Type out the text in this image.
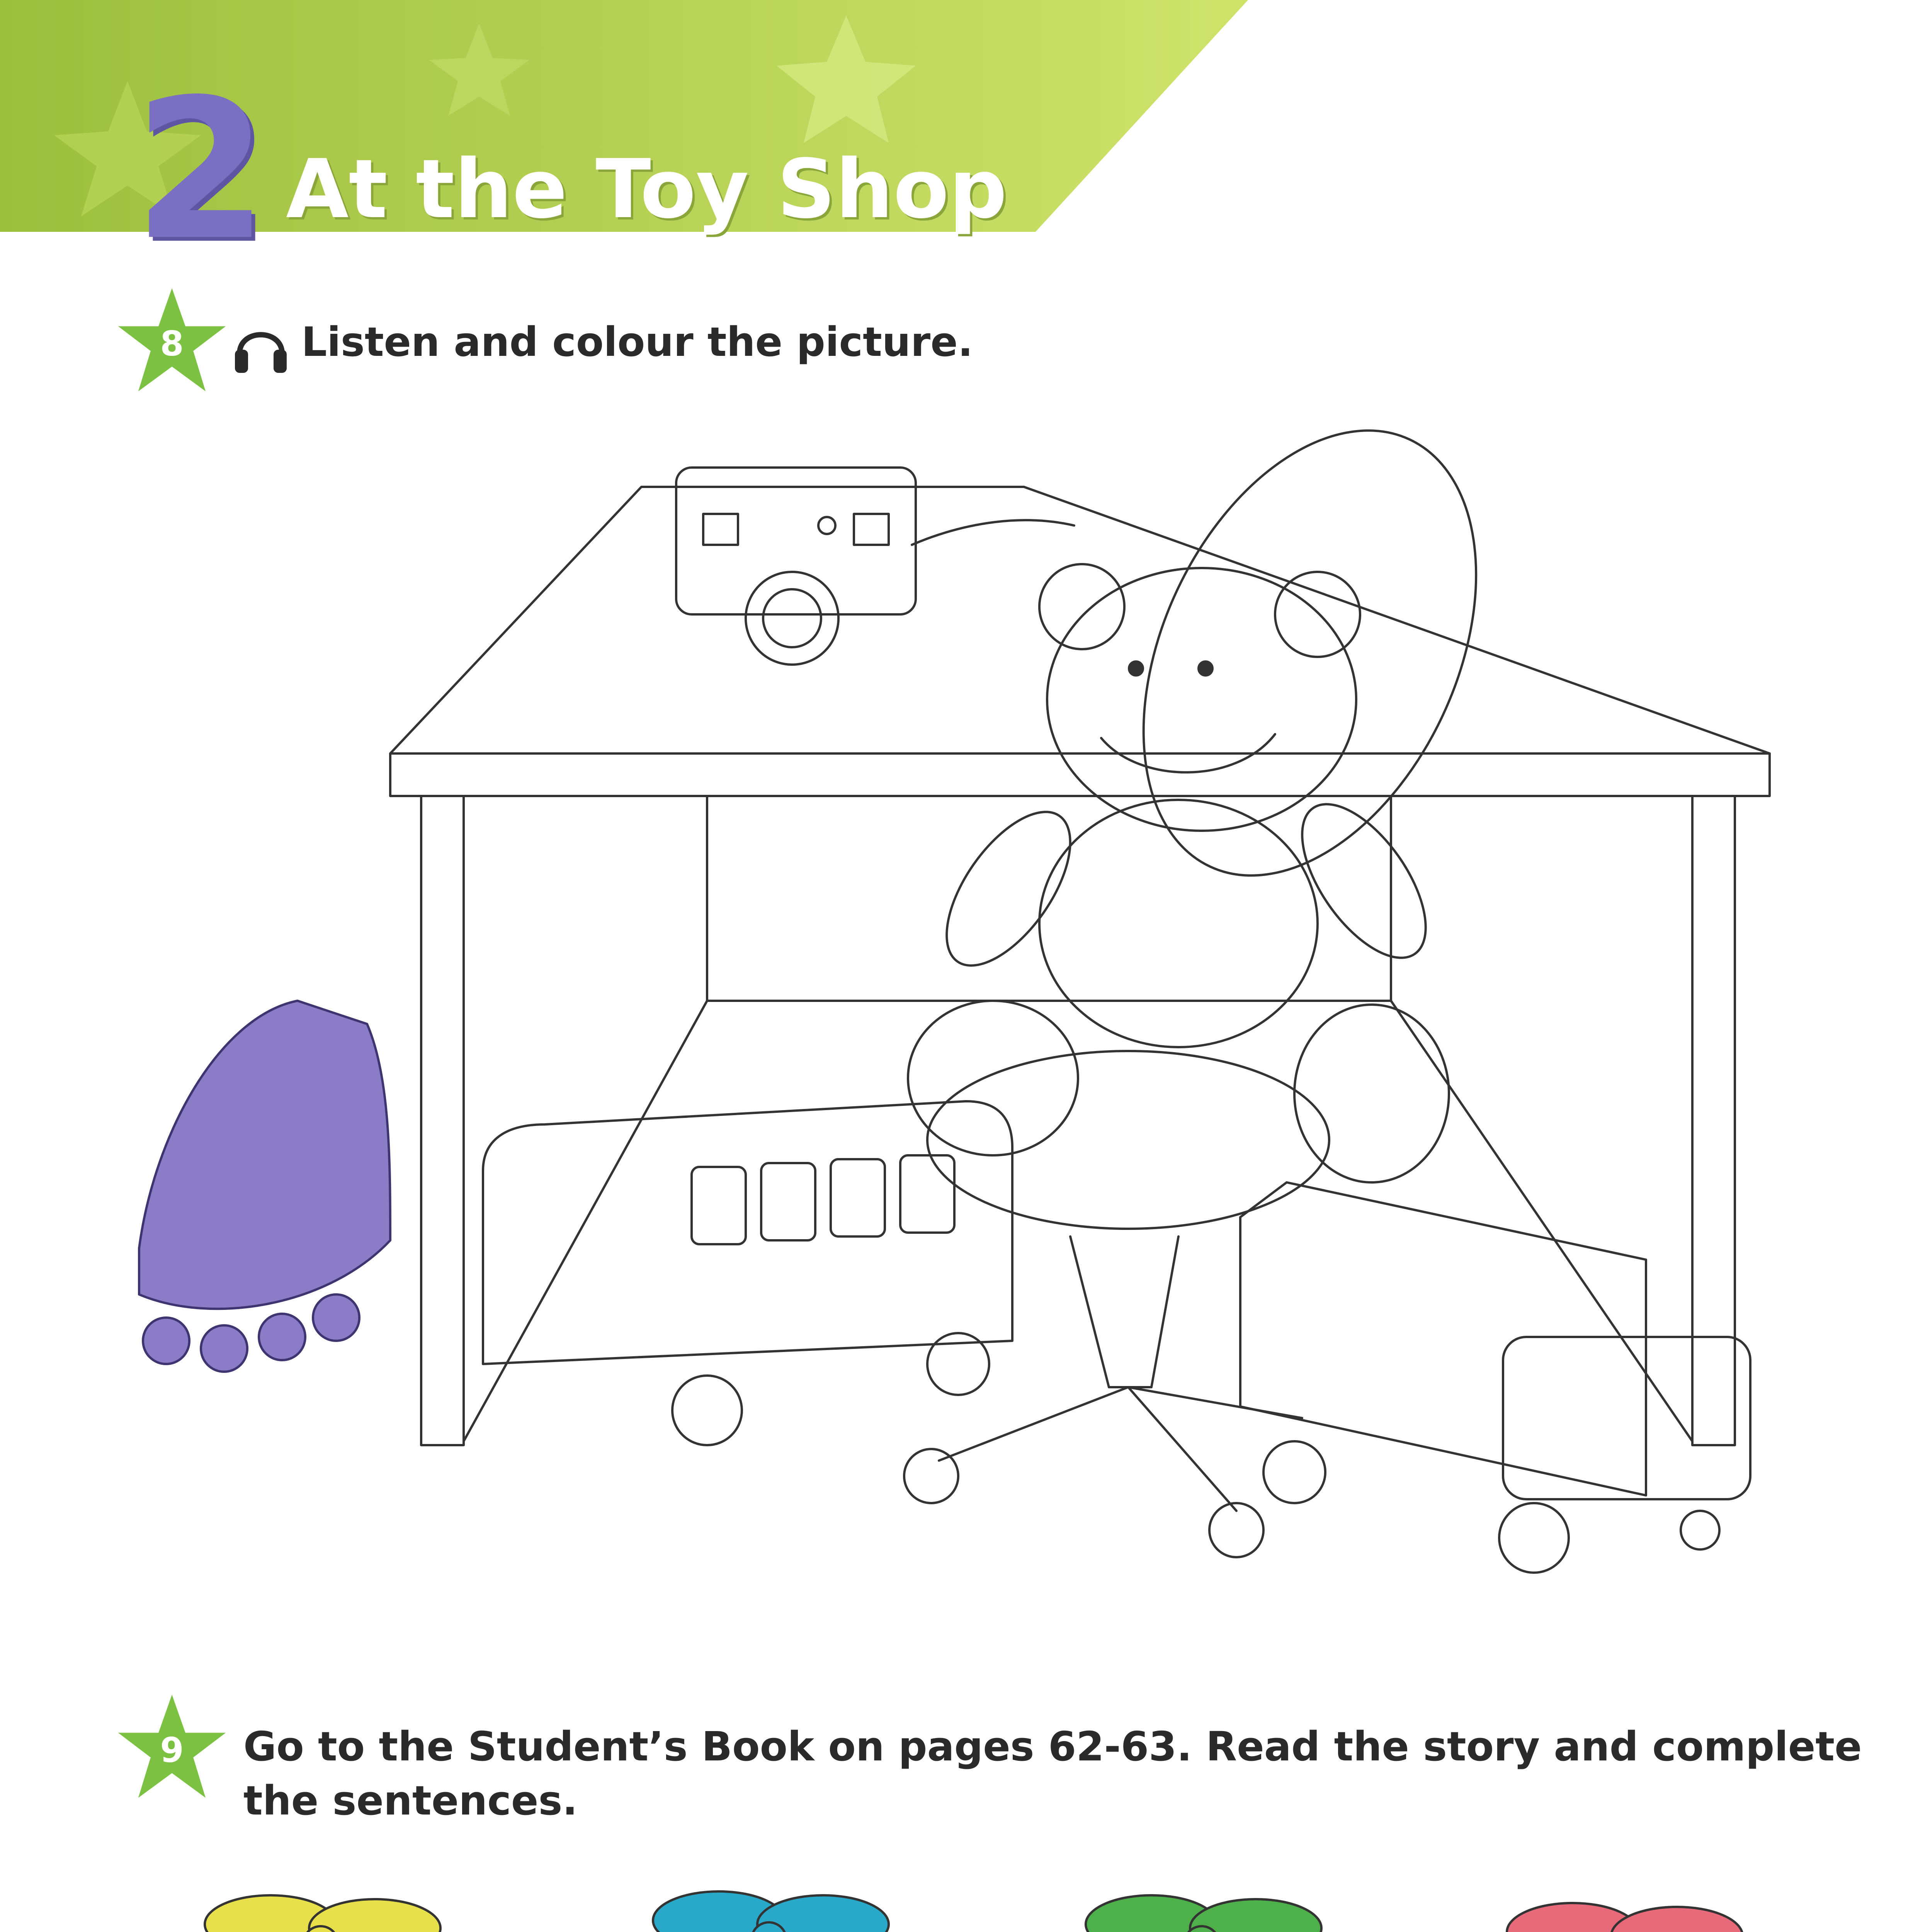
2 At the Toy Shop
8	Listen and colour the picture.
9	Go to the Student’s Book on pages 62-63. Read the story and complete
the sentences.
